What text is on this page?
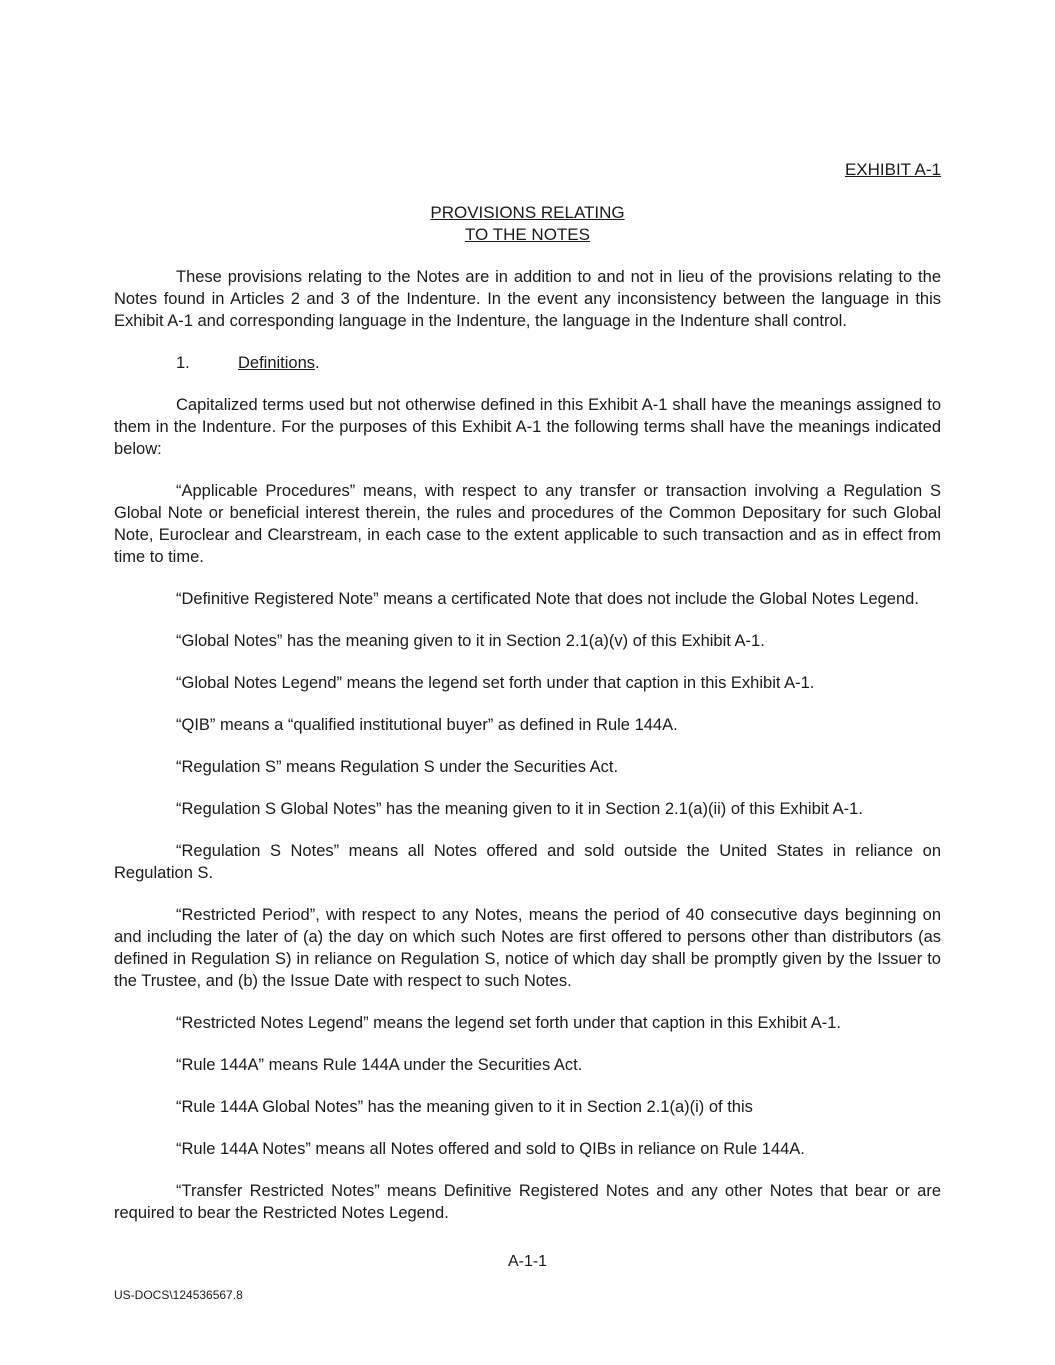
EXHIBIT A-1

PROVISIONS RELATING
TO THE NOTES

These provisions relating to the Notes are in addition to and not in lieu of the provisions relating to the Notes found in Articles 2 and 3 of the Indenture. In the event any inconsistency between the language in this Exhibit A-1 and corresponding language in the Indenture, the language in the Indenture shall control.

1.	Definitions.

Capitalized terms used but not otherwise defined in this Exhibit A-1 shall have the meanings assigned to them in the Indenture. For the purposes of this Exhibit A-1 the following terms shall have the meanings indicated below:

“Applicable Procedures” means, with respect to any transfer or transaction involving a Regulation S Global Note or beneficial interest therein, the rules and procedures of the Common Depositary for such Global Note, Euroclear and Clearstream, in each case to the extent applicable to such transaction and as in effect from time to time.

“Definitive Registered Note” means a certificated Note that does not include the Global Notes Legend.

“Global Notes” has the meaning given to it in Section 2.1(a)(v) of this Exhibit A-1.

“Global Notes Legend” means the legend set forth under that caption in this Exhibit A-1.

“QIB” means a “qualified institutional buyer” as defined in Rule 144A.

“Regulation S” means Regulation S under the Securities Act.

“Regulation S Global Notes” has the meaning given to it in Section 2.1(a)(ii) of this Exhibit A-1.

“Regulation S Notes” means all Notes offered and sold outside the United States in reliance on Regulation S.

“Restricted Period”, with respect to any Notes, means the period of 40 consecutive days beginning on and including the later of (a) the day on which such Notes are first offered to persons other than distributors (as defined in Regulation S) in reliance on Regulation S, notice of which day shall be promptly given by the Issuer to the Trustee, and (b) the Issue Date with respect to such Notes.

“Restricted Notes Legend” means the legend set forth under that caption in this Exhibit A-1.

“Rule 144A” means Rule 144A under the Securities Act.

“Rule 144A Global Notes” has the meaning given to it in Section 2.1(a)(i) of this

“Rule 144A Notes” means all Notes offered and sold to QIBs in reliance on Rule 144A.

“Transfer Restricted Notes” means Definitive Registered Notes and any other Notes that bear or are required to bear the Restricted Notes Legend.

A-1-1
US-DOCS\124536567.8
